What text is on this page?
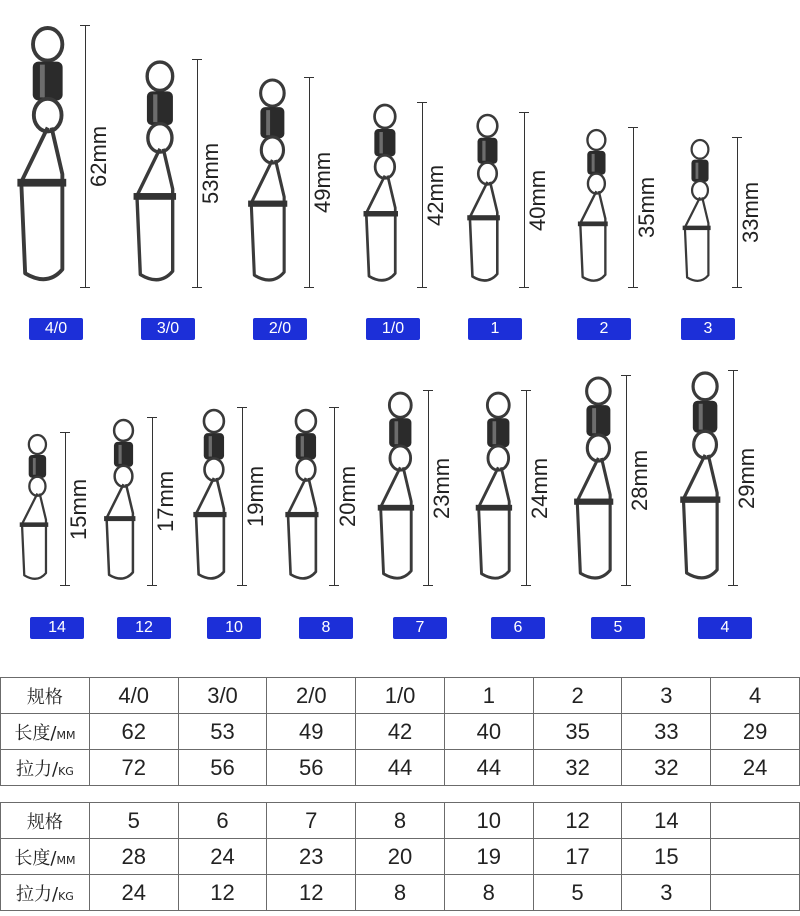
62mm
4/0
53mm
3/0
49mm
2/0
42mm
1/0
40mm
1
35mm
2
33mm
3
15mm
14
17mm
12
19mm
10
20mm
8
23mm
7
24mm
6
28mm
5
29mm
4
规格	4/0	3/0	2/0	1/0	1	2	3	4
长度/MM	62	53	49	42	40	35	33	29
拉力/KG	72	56	56	44	44	32	32	24
规格	5	6	7	8	10	12	14	
长度/MM	28	24	23	20	19	17	15	
拉力/KG	24	12	12	8	8	5	3	
